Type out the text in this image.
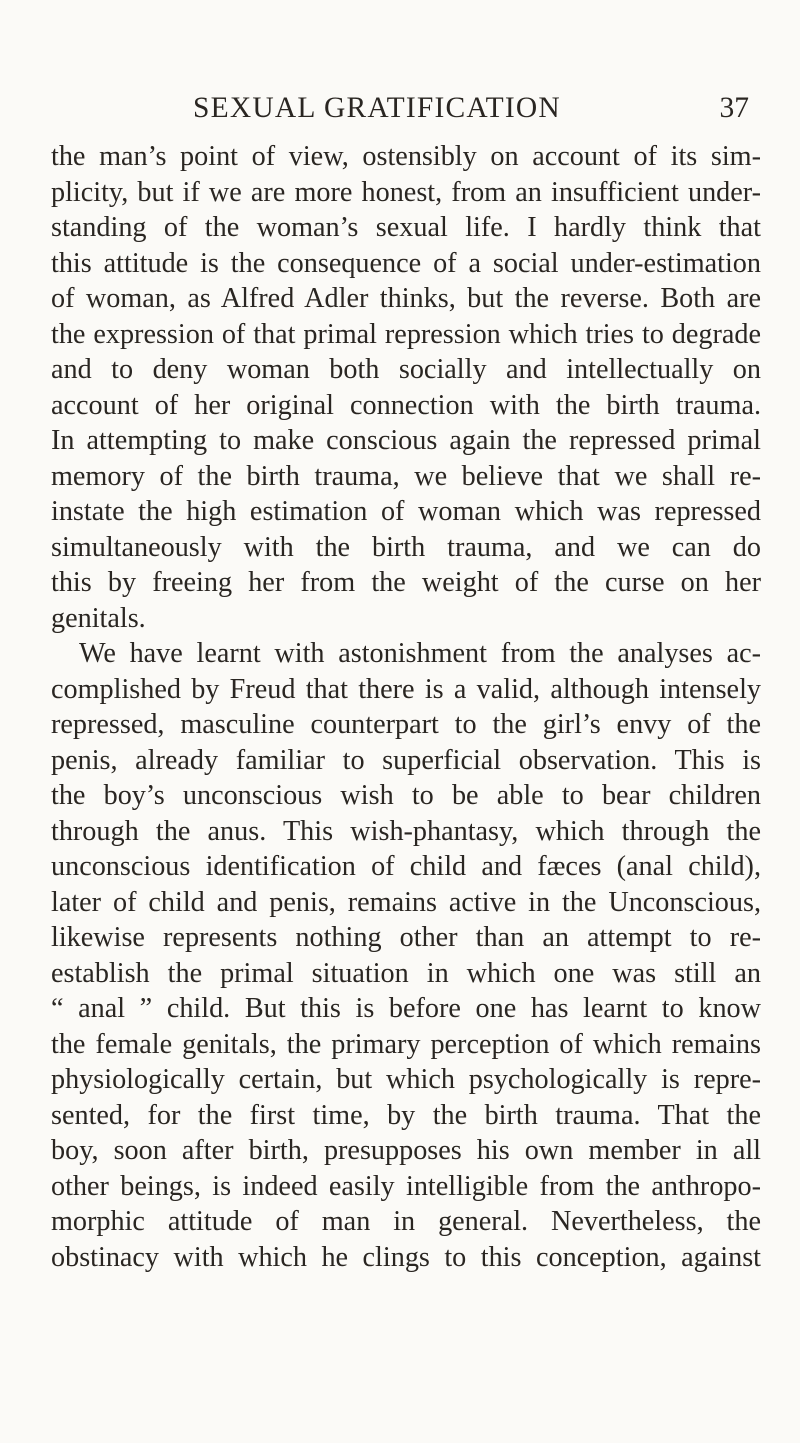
SEXUAL GRATIFICATION	37
the man’s point of view, ostensibly on account of its sim-
plicity, but if we are more honest, from an insufficient under-
standing of the woman’s sexual life. I hardly think that
this attitude is the consequence of a social under-estimation
of woman, as Alfred Adler thinks, but the reverse. Both are
the expression of that primal repression which tries to degrade
and to deny woman both socially and intellectually on
account of her original connection with the birth trauma.
In attempting to make conscious again the repressed primal
memory of the birth trauma, we believe that we shall re-
instate the high estimation of woman which was repressed
simultaneously with the birth trauma, and we can do
this by freeing her from the weight of the curse on her
genitals.
We have learnt with astonishment from the analyses ac-
complished by Freud that there is a valid, although intensely
repressed, masculine counterpart to the girl’s envy of the
penis, already familiar to superficial observation. This is
the boy’s unconscious wish to be able to bear children
through the anus. This wish-phantasy, which through the
unconscious identification of child and fæces (anal child),
later of child and penis, remains active in the Unconscious,
likewise represents nothing other than an attempt to re-
establish the primal situation in which one was still an
“ anal ” child. But this is before one has learnt to know
the female genitals, the primary perception of which remains
physiologically certain, but which psychologically is repre-
sented, for the first time, by the birth trauma. That the
boy, soon after birth, presupposes his own member in all
other beings, is indeed easily intelligible from the anthropo-
morphic attitude of man in general. Nevertheless, the
obstinacy with which he clings to this conception, against
